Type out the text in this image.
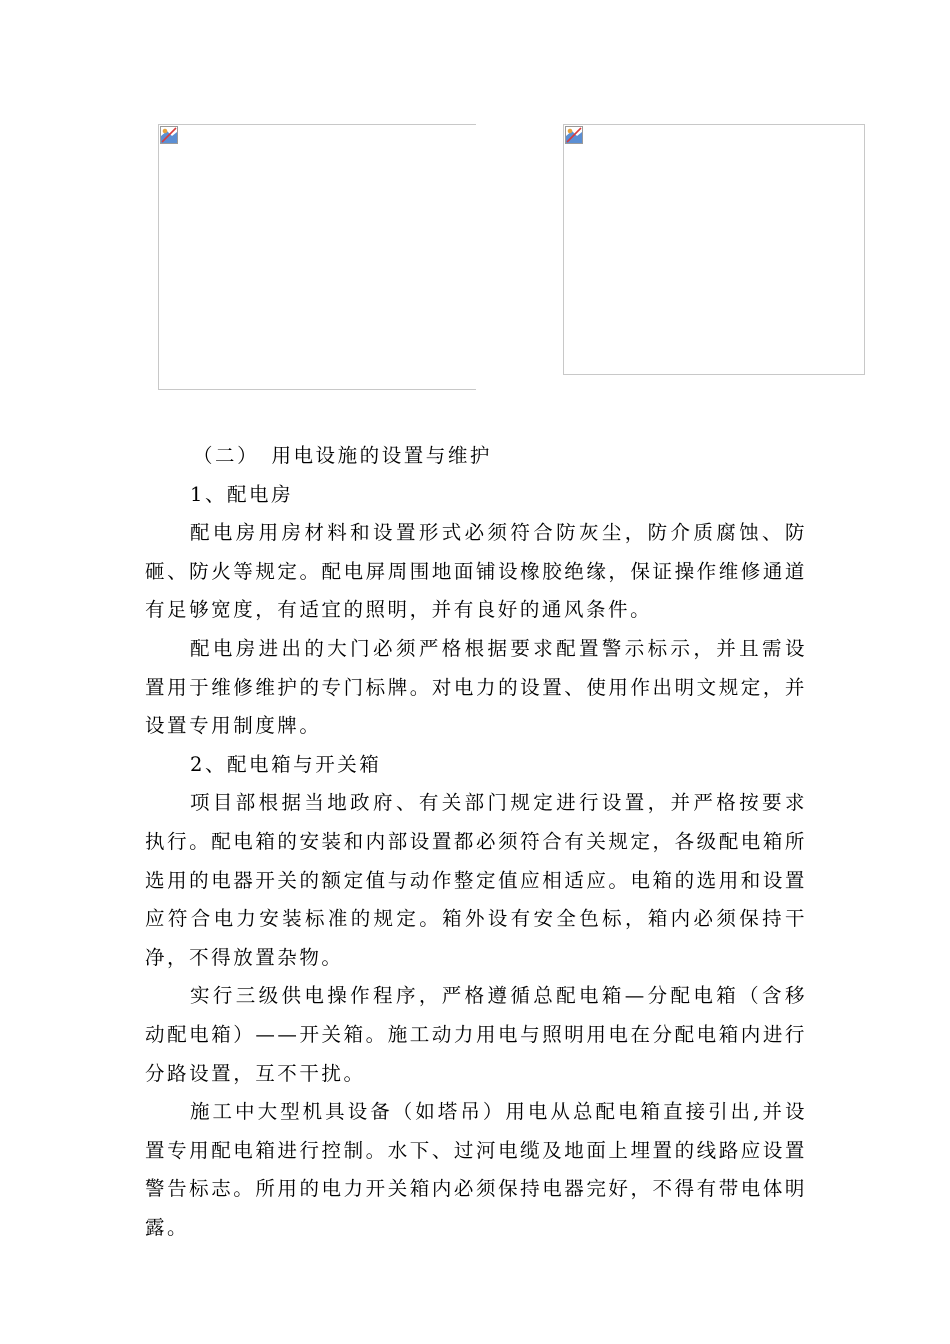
（二）　用电设施的设置与维护

1、配电房

配电房用房材料和设置形式必须符合防灰尘，防介质腐蚀、防砸、防火等规定。配电屏周围地面铺设橡胶绝缘，保证操作维修通道有足够宽度，有适宜的照明，并有良好的通风条件。

配电房进出的大门必须严格根据要求配置警示标示，并且需设置用于维修维护的专门标牌。对电力的设置、使用作出明文规定，并设置专用制度牌。

2、配电箱与开关箱

项目部根据当地政府、有关部门规定进行设置，并严格按要求执行。配电箱的安装和内部设置都必须符合有关规定，各级配电箱所选用的电器开关的额定值与动作整定值应相适应。电箱的选用和设置应符合电力安装标准的规定。箱外设有安全色标，箱内必须保持干净，不得放置杂物。

实行三级供电操作程序，严格遵循总配电箱—分配电箱（含移动配电箱）——开关箱。施工动力用电与照明用电在分配电箱内进行分路设置，互不干扰。

施工中大型机具设备（如塔吊）用电从总配电箱直接引出,并设置专用配电箱进行控制。水下、过河电缆及地面上埋置的线路应设置警告标志。所用的电力开关箱内必须保持电器完好，不得有带电体明露。
